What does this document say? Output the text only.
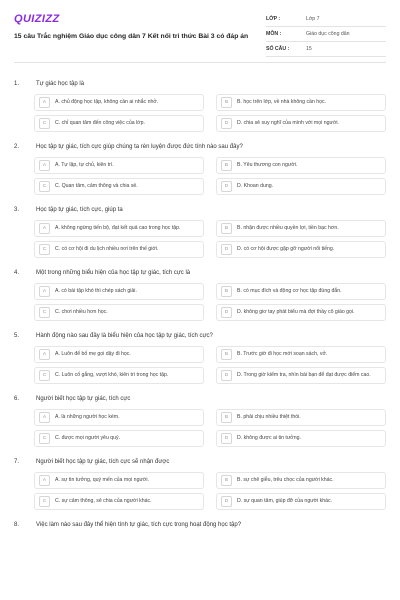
QUIZIZZ
15 câu Trắc nghiệm Giáo dục công dân 7 Kết nối tri thức Bài 3 có đáp án
LỚP :	Lớp 7
MÔN :	Giáo dục công dân
SỐ CÂU :	15
1.	Tự giác học tập là
A	A. chủ động học tập, không cần ai nhắc nhở.	B	B. học trên lớp, về nhà không cần học.
C	C. chỉ quan tâm đến công việc của lớp.	D	D. chia sẻ suy nghĩ của mình với mọi người.
2.	Học tập tự giác, tích cực giúp chúng ta rèn luyện được đức tính nào sau đây?
A	A. Tự lập, tự chủ, kiên trì.	B	B. Yêu thương con người.
C	C. Quan tâm, cảm thông và chia sẻ.	D	D. Khoan dung.
3.	Học tập tự giác, tích cực, giúp ta
A	A. không ngừng tiến bộ, đạt kết quả cao trong học tập.	B	B. nhận được nhiều quyền lợi, tiền bạc hơn.
C	C. có cơ hội đi du lịch nhiều nơi trên thế giới.	D	D. có cơ hội được gặp gỡ người nổi tiếng.
4.	Một trong những biểu hiện của học tập tự giác, tích cực là
A	A. có bài tập khó thì chép sách giải.	B	B. có mục đích và động cơ học tập đúng đắn.
C	C. chơi nhiều hơn học.	D	D. không giơ tay phát biểu mà đợi thầy cô giáo gọi.
5.	Hành động nào sau đây là biểu hiện của học tập tự giác, tích cực?
A	A. Luôn để bố mẹ gọi dậy đi học.	B	B. Trước giờ đi học mới soạn sách, vở.
C	C. Luôn cố gắng, vượt khó, kiên trì trong học tập.	D	D. Trong giờ kiểm tra, nhìn bài bạn để đạt được điểm cao.
6.	Người biết học tập tự giác, tích cực
A	A. là những người học kém.	B	B. phải chịu nhiều thiệt thòi.
C	C. được mọi người yêu quý.	D	D. không được ai tin tưởng.
7.	Người biết học tập tự giác, tích cực sẽ nhận được
A	A. sự tin tưởng, quý mến của mọi người.	B	B. sự chê giễu, trêu chọc của người khác.
C	C. sự cảm thông, sẻ chia của người khác.	D	D. sự quan tâm, giúp đỡ của người khác.
8.	Việc làm nào sau đây thể hiện tính tự giác, tích cực trong hoạt động học tập?
